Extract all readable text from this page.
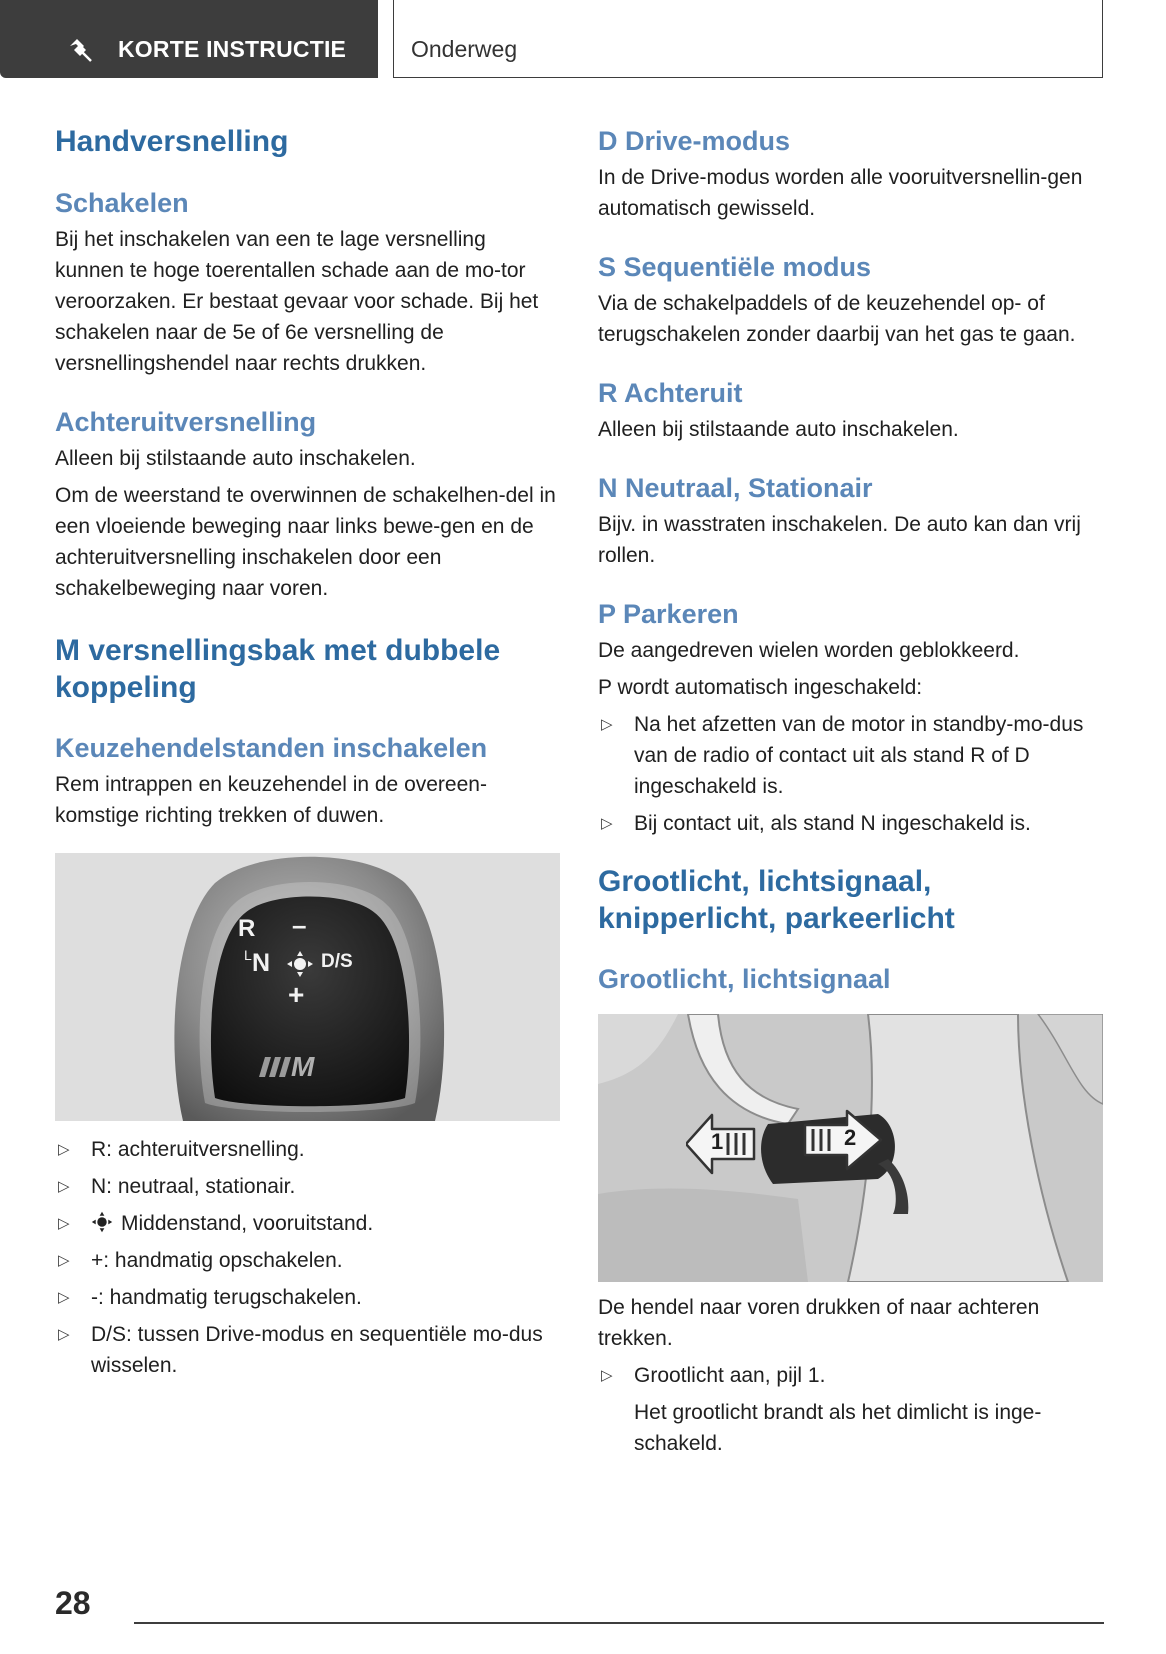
KORTE INSTRUCTIE	Onderweg
Handversnelling
Schakelen

Bij het inschakelen van een te lage versnelling kunnen te hoge toerentallen schade aan de mo-tor veroorzaken. Er bestaat gevaar voor schade. Bij het schakelen naar de 5e of 6e versnelling de versnellingshendel naar rechts drukken.

Achteruitversnelling

Alleen bij stilstaande auto inschakelen.

Om de weerstand te overwinnen de schakelhen-del in een vloeiende beweging naar links bewe-gen en de achteruitversnelling inschakelen door een schakelbeweging naar voren.

M versnellingsbak met dubbele koppeling
Keuzehendelstanden inschakelen

Rem intrappen en keuzehendel in de overeen-komstige richting trekken of duwen.

R –
L N	D/S
+
M
▷ R: achteruitversnelling.
▷ N: neutraal, stationair.
▷ Middenstand, vooruitstand.
▷ +: handmatig opschakelen.
▷ -: handmatig terugschakelen.
▷ D/S: tussen Drive-modus en sequentiële mo-dus wisselen.
D Drive-modus

In de Drive-modus worden alle vooruitversnellin-gen automatisch gewisseld.

S Sequentiële modus

Via de schakelpaddels of de keuzehendel op- of terugschakelen zonder daarbij van het gas te gaan.

R Achteruit

Alleen bij stilstaande auto inschakelen.

N Neutraal, Stationair

Bijv. in wasstraten inschakelen. De auto kan dan vrij rollen.

P Parkeren

De aangedreven wielen worden geblokkeerd.

P wordt automatisch ingeschakeld:

▷ Na het afzetten van de motor in standby-mo-dus van de radio of contact uit als stand R of D ingeschakeld is.
▷ Bij contact uit, als stand N ingeschakeld is.
Grootlicht, lichtsignaal, knipperlicht, parkeerlicht
Grootlicht, lichtsignaal
1	2

De hendel naar voren drukken of naar achteren trekken.

▷ Grootlicht aan, pijl 1.
Het grootlicht brandt als het dimlicht is inge-schakeld.
28
